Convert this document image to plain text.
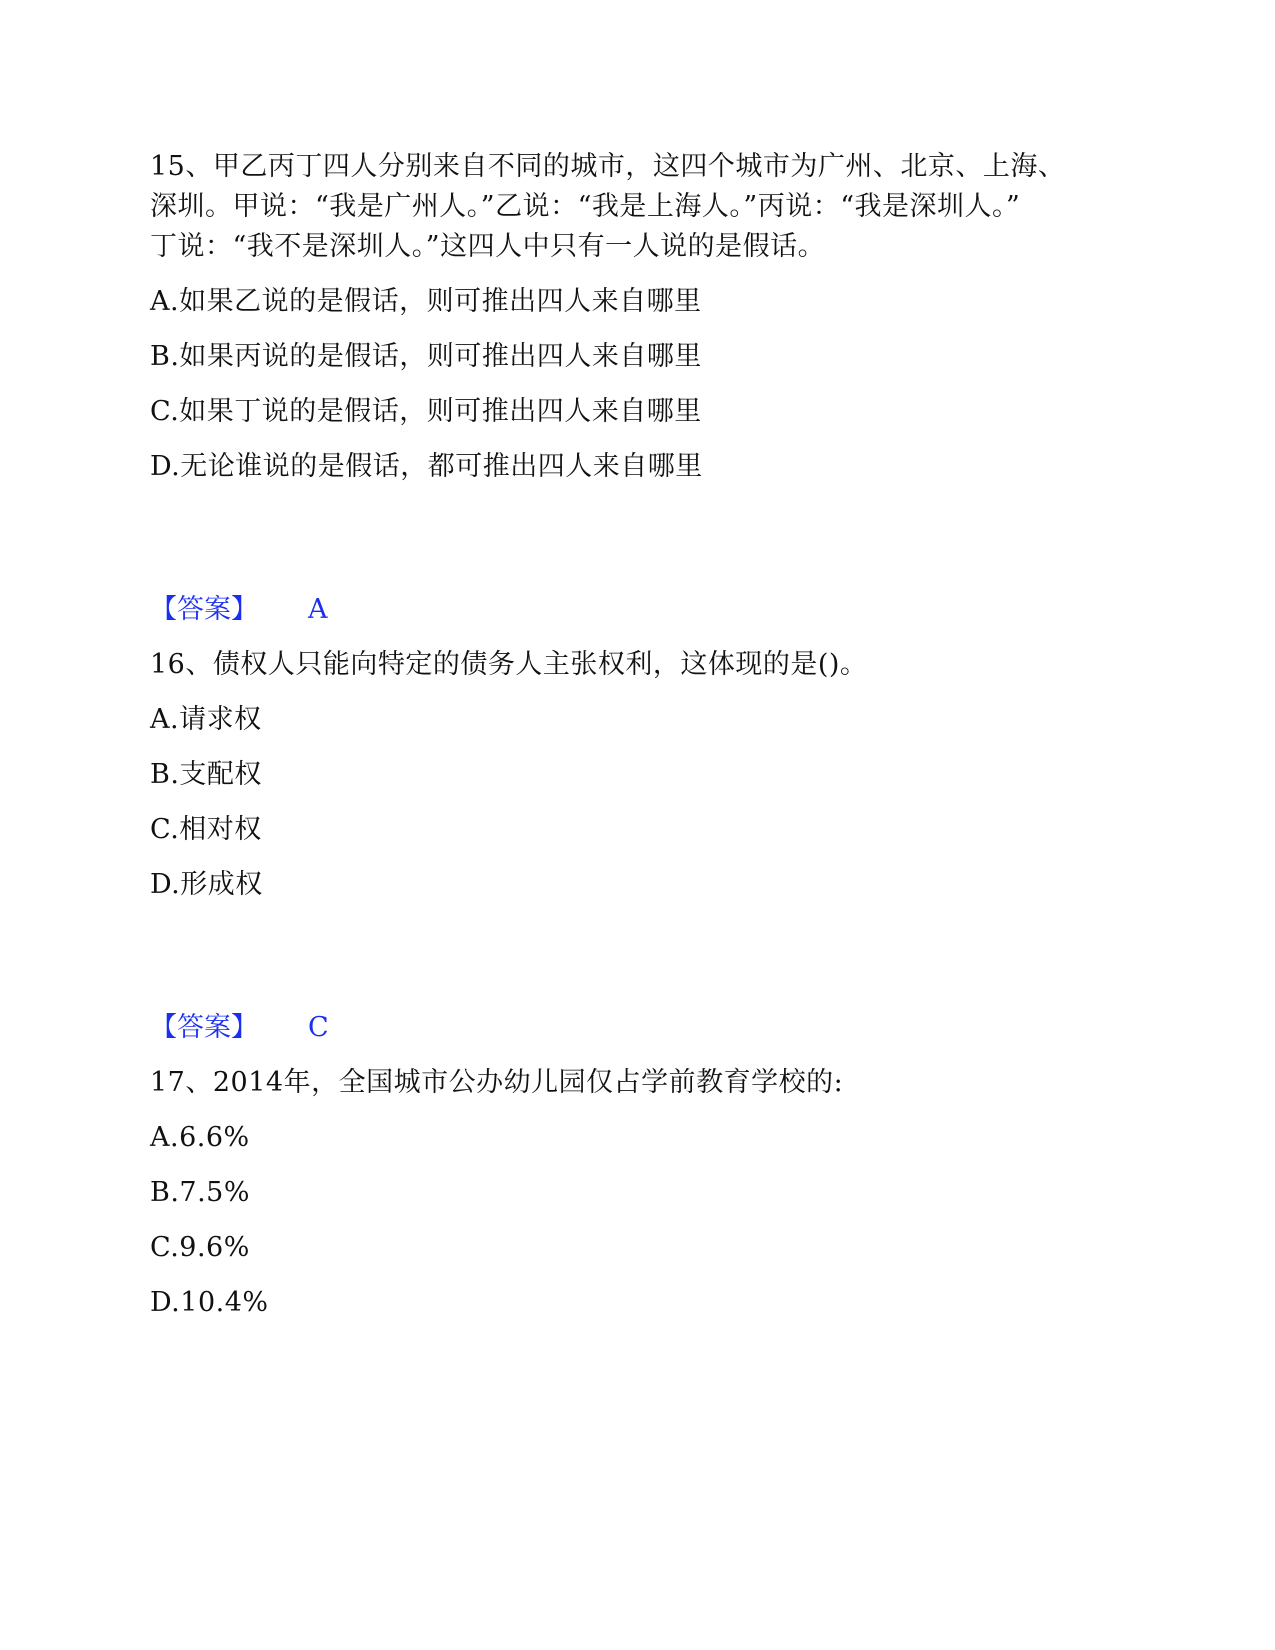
15、甲乙丙丁四人分别来自不同的城市，这四个城市为广州、北京、上海、
深圳。甲说：“我是广州人。”乙说：“我是上海人。”丙说：“我是深圳人。”
丁说：“我不是深圳人。”这四人中只有一人说的是假话。
A.如果乙说的是假话，则可推出四人来自哪里
B.如果丙说的是假话，则可推出四人来自哪里
C.如果丁说的是假话，则可推出四人来自哪里
D.无论谁说的是假话，都可推出四人来自哪里
【答案】 A
16、债权人只能向特定的债务人主张权利，这体现的是()。
A.请求权
B.支配权
C.相对权
D.形成权
【答案】 C
17、2014年，全国城市公办幼儿园仅占学前教育学校的:
A.6.6%
B.7.5%
C.9.6%
D.10.4%
